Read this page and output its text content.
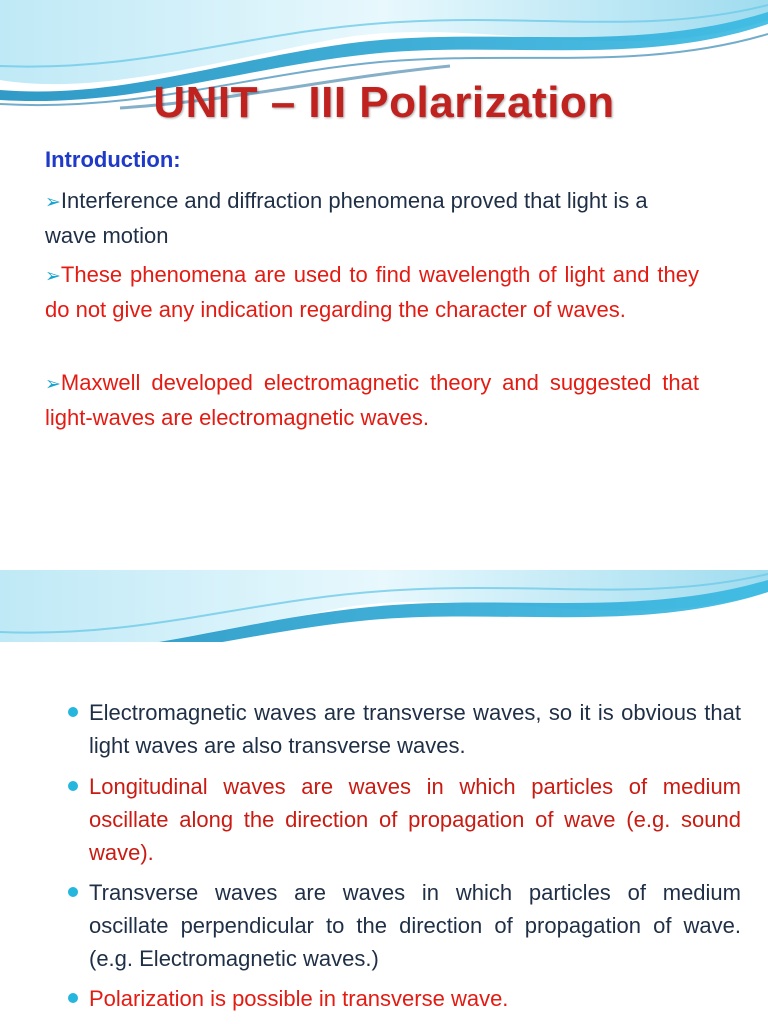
UNIT – III Polarization
Introduction:
➢Interference and diffraction phenomena proved that light is a wave motion
➢These phenomena are used to find wavelength of light and they do not give any indication regarding the character of waves.
➢Maxwell developed electromagnetic theory and suggested that light-waves are electromagnetic waves.
Electromagnetic waves are transverse waves, so it is obvious that light waves are also transverse waves.
Longitudinal waves are waves in which particles of medium oscillate along the direction of propagation of wave (e.g. sound wave).
Transverse waves are waves in which particles of medium oscillate perpendicular to the direction of propagation of wave. (e.g. Electromagnetic waves.)
Polarization is possible in transverse wave.
